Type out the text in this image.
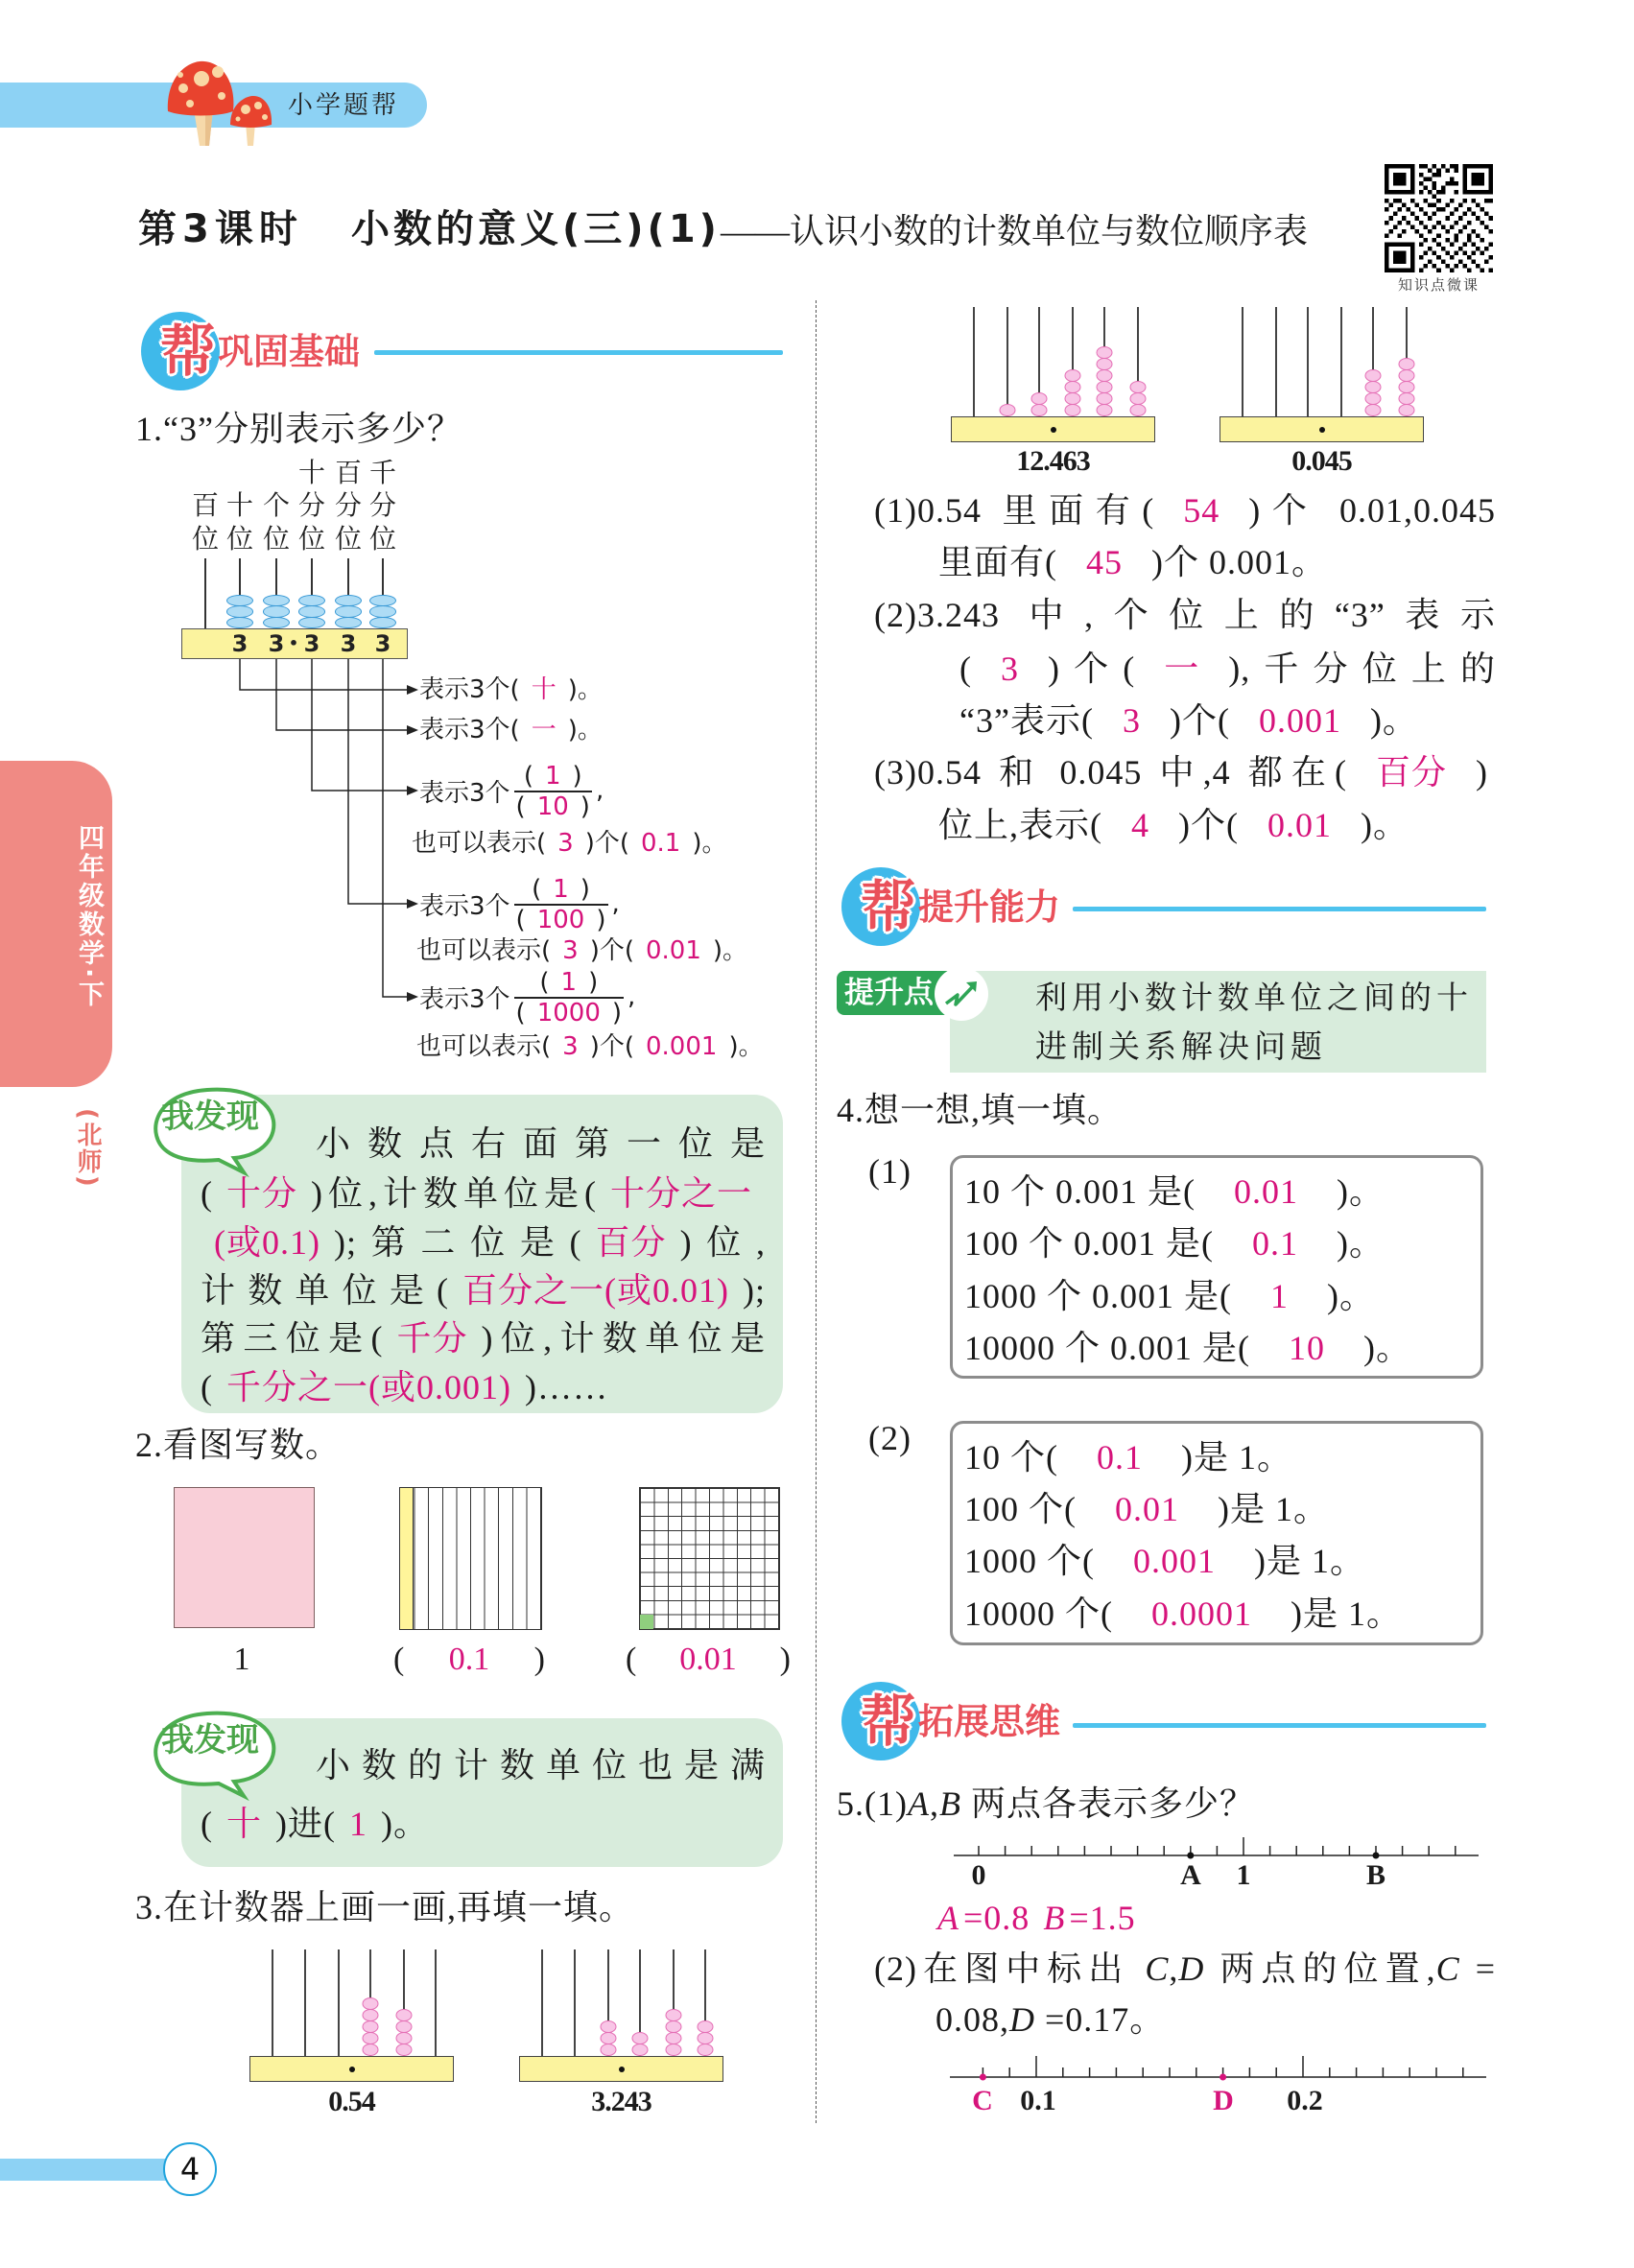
小学题帮
第3课时 小数的意义(三)(1) ——认识小数的计数单位与数位顺序表
知识点微课
帮 巩固基础
1.“3”分别表示多少？
十 百 千
百 十 个 分 分 分
位 位 位 位 位 位
3 3 • 3 3 3
表示3个( 十 )。
表示3个( 一 )。
表示3个 $\frac{( 1 )}{( 10 )}$ ,
也可以表示( 3 )个( 0.1 )。
表示3个 $\frac{( 1 )}{( 100 )}$ ,
也可以表示( 3 )个( 0.01 )。
表示3个 $\frac{( 1 )}{( 1000 )}$ ,
也可以表示( 3 )个( 0.001 )。
我发现
小数点右面第一位是
( 十分 )位,计数单位是( 十分之一
(或0.1) );第二位是( 百分 )位,
计数单位是( 百分之一(或0.01) );
第三位是( 千分 )位,计数单位是
( 千分之一(或0.001) )……
2.看图写数。
1	( 0.1 ) ( 0.01 )
我发现
小数的计数单位也是满
( 十 )进( 1 )。
3.在计数器上画一画,再填一填。
0.54	3.243
12.463	0.045
(1)0.54 里面有( 54 )个 0.01,0.045
里面有( 45 )个 0.001。
(2)3.243 中,个位上的“3”表示
( 3 )个( 一 ),千分位上的
“3”表示( 3 )个( 0.001 )。
(3)0.54 和 0.045 中,4 都在( 百分 )
位上,表示( 4 )个( 0.01 )。
帮 提升能力
提升点	利用小数计数单位之间的十
进制关系解决问题
4.想一想,填一填。
(1)
10 个 0.001 是( 0.01 )。
100 个 0.001 是( 0.1 )。
1000 个 0.001 是( 1 )。
10000 个 0.001 是( 10 )。
(2) 10 个( 0.1 )是 1。
100 个( 0.01 )是 1。
1000 个( 0.001 )是 1。
10000 个( 0.0001 )是 1。
帮 拓展思维
5.(1)A,B 两点各表示多少？
0	A 1	B
A=0.8 B=1.5
(2)在图中标出 C,D 两点的位置,C =
0.08,D =0.17。
C 0.1	D 0.2
四年级数学·下
(北师)
4
